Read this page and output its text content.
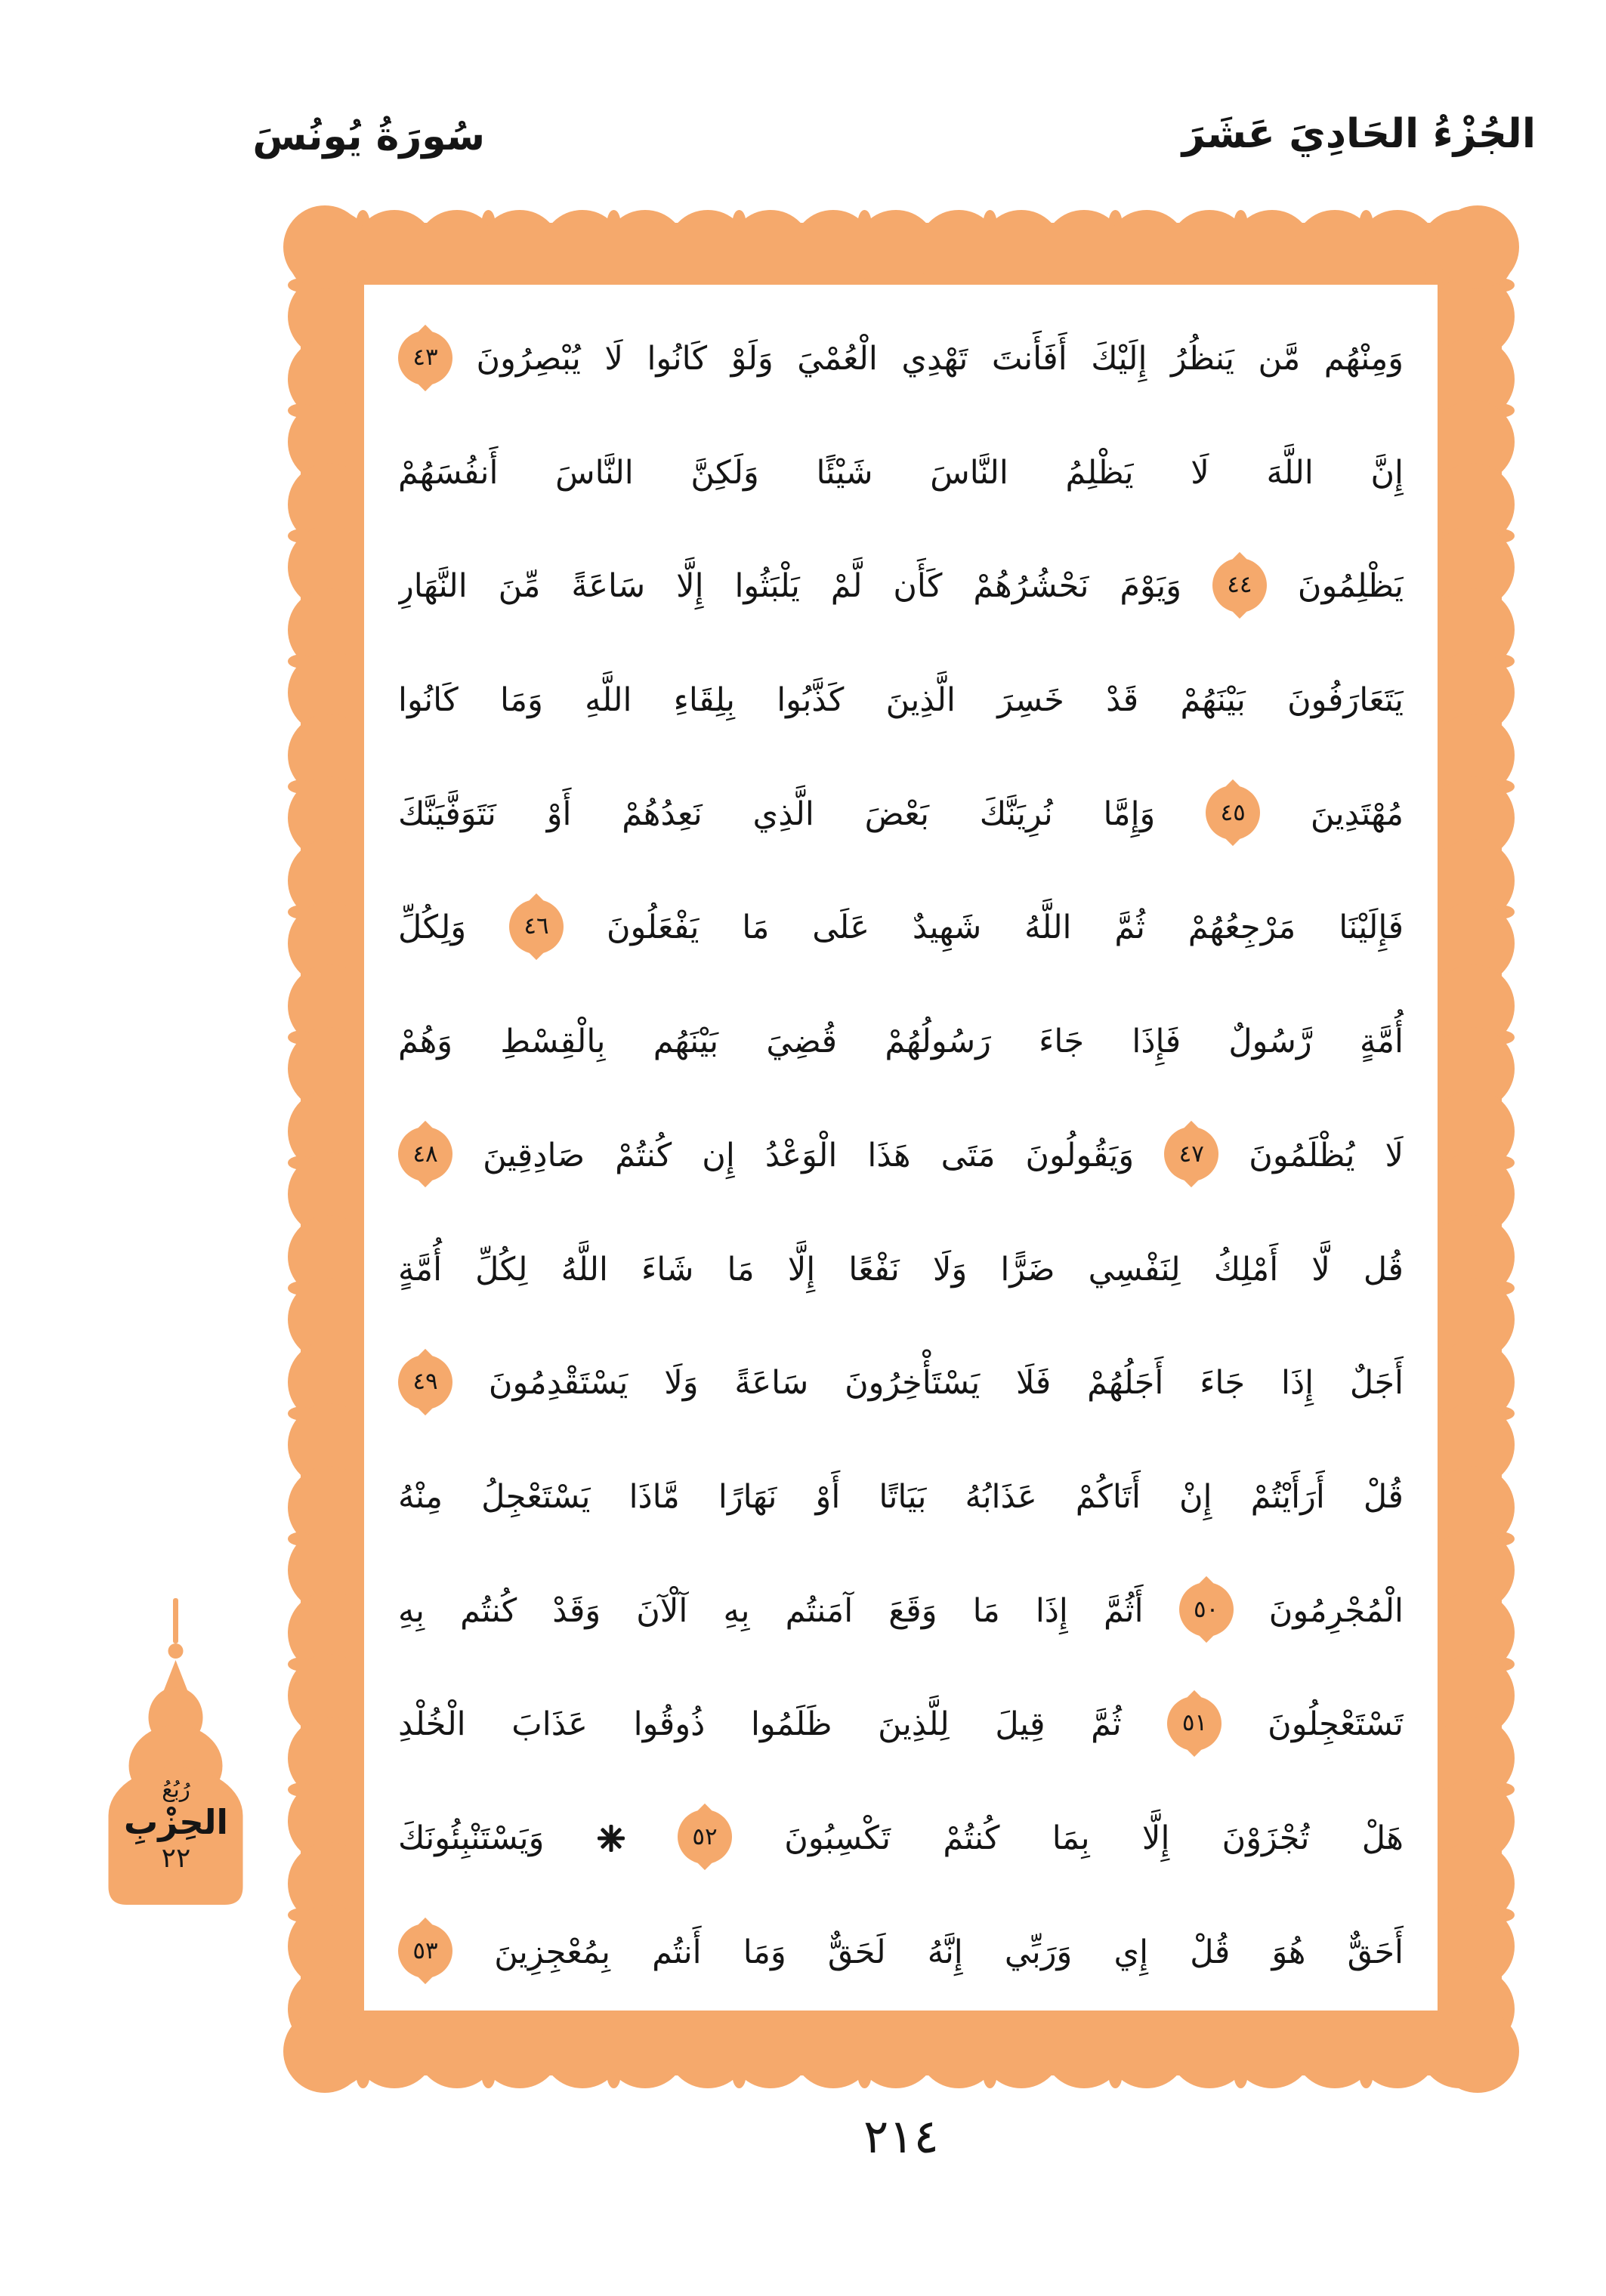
الجُزْءُ الحَادِيَ عَشَرَ
سُورَةُ يُونُسَ
وَمِنْهُم مَّن يَنظُرُ إِلَيْكَ أَفَأَنتَ تَهْدِي الْعُمْيَ وَلَوْ كَانُوا لَا يُبْصِرُونَ
٤٣
إِنَّ اللَّهَ لَا يَظْلِمُ النَّاسَ شَيْئًا وَلَكِنَّ النَّاسَ أَنفُسَهُمْ
يَظْلِمُونَ
٤٤
وَيَوْمَ نَحْشُرُهُمْ كَأَن لَّمْ يَلْبَثُوا إِلَّا سَاعَةً مِّنَ النَّهَارِ
يَتَعَارَفُونَ بَيْنَهُمْ قَدْ خَسِرَ الَّذِينَ كَذَّبُوا بِلِقَاءِ اللَّهِ وَمَا كَانُوا
مُهْتَدِينَ
٤٥
وَإِمَّا نُرِيَنَّكَ بَعْضَ الَّذِي نَعِدُهُمْ أَوْ نَتَوَفَّيَنَّكَ
فَإِلَيْنَا مَرْجِعُهُمْ ثُمَّ اللَّهُ شَهِيدٌ عَلَى مَا يَفْعَلُونَ
٤٦
وَلِكُلِّ
أُمَّةٍ رَّسُولٌ فَإِذَا جَاءَ رَسُولُهُمْ قُضِيَ بَيْنَهُم بِالْقِسْطِ وَهُمْ
لَا يُظْلَمُونَ
٤٧
وَيَقُولُونَ مَتَى هَذَا الْوَعْدُ إِن كُنتُمْ صَادِقِينَ
٤٨
قُل لَّا أَمْلِكُ لِنَفْسِي ضَرًّا وَلَا نَفْعًا إِلَّا مَا شَاءَ اللَّهُ لِكُلِّ أُمَّةٍ
أَجَلٌ إِذَا جَاءَ أَجَلُهُمْ فَلَا يَسْتَأْخِرُونَ سَاعَةً وَلَا يَسْتَقْدِمُونَ
٤٩
قُلْ أَرَأَيْتُمْ إِنْ أَتَاكُمْ عَذَابُهُ بَيَاتًا أَوْ نَهَارًا مَّاذَا يَسْتَعْجِلُ مِنْهُ
الْمُجْرِمُونَ
٥٠
أَثُمَّ إِذَا مَا وَقَعَ آمَنتُم بِهِ آلْآنَ وَقَدْ كُنتُم بِهِ
تَسْتَعْجِلُونَ
٥١
ثُمَّ قِيلَ لِلَّذِينَ ظَلَمُوا ذُوقُوا عَذَابَ الْخُلْدِ
هَلْ تُجْزَوْنَ إِلَّا بِمَا كُنتُمْ تَكْسِبُونَ
٥٢

وَيَسْتَنْبِئُونَكَ
أَحَقٌّ هُوَ قُلْ إِي وَرَبِّي إِنَّهُ لَحَقٌّ وَمَا أَنتُم بِمُعْجِزِينَ
٥٣
رُبُعُ
الحِزْبِ
٢٢
٢١٤
